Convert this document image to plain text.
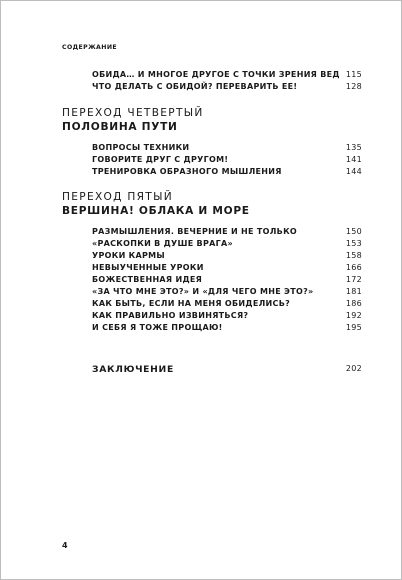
СОДЕРЖАНИЕ
ОБИДА… И МНОГОЕ ДРУГОЕ С ТОЧКИ ЗРЕНИЯ ВЕД 115
ЧТО ДЕЛАТЬ С ОБИДОЙ? ПЕРЕВАРИТЬ ЕЕ!	128
ПЕРЕХОД ЧЕТВЕРТЫЙ
ПОЛОВИНА ПУТИ
ВОПРОСЫ ТЕХНИКИ	135
ГОВОРИТЕ ДРУГ С ДРУГОМ!	141
ТРЕНИРОВКА ОБРАЗНОГО МЫШЛЕНИЯ	144
ПЕРЕХОД ПЯТЫЙ
ВЕРШИНА! ОБЛАКА И МОРЕ
РАЗМЫШЛЕНИЯ. ВЕЧЕРНИЕ И НЕ ТОЛЬКО	150
«РАСКОПКИ В ДУШЕ ВРАГА»	153
УРОКИ КАРМЫ	158
НЕВЫУЧЕННЫЕ УРОКИ	166
БОЖЕСТВЕННАЯ ИДЕЯ	172
«ЗА ЧТО МНЕ ЭТО?» И «ДЛЯ ЧЕГО МНЕ ЭТО?»	181
КАК БЫТЬ, ЕСЛИ НА МЕНЯ ОБИДЕЛИСЬ?	186
КАК ПРАВИЛЬНО ИЗВИНЯТЬСЯ?	192
И СЕБЯ Я ТОЖЕ ПРОЩАЮ!	195
ЗАКЛЮЧЕНИЕ	202
4
